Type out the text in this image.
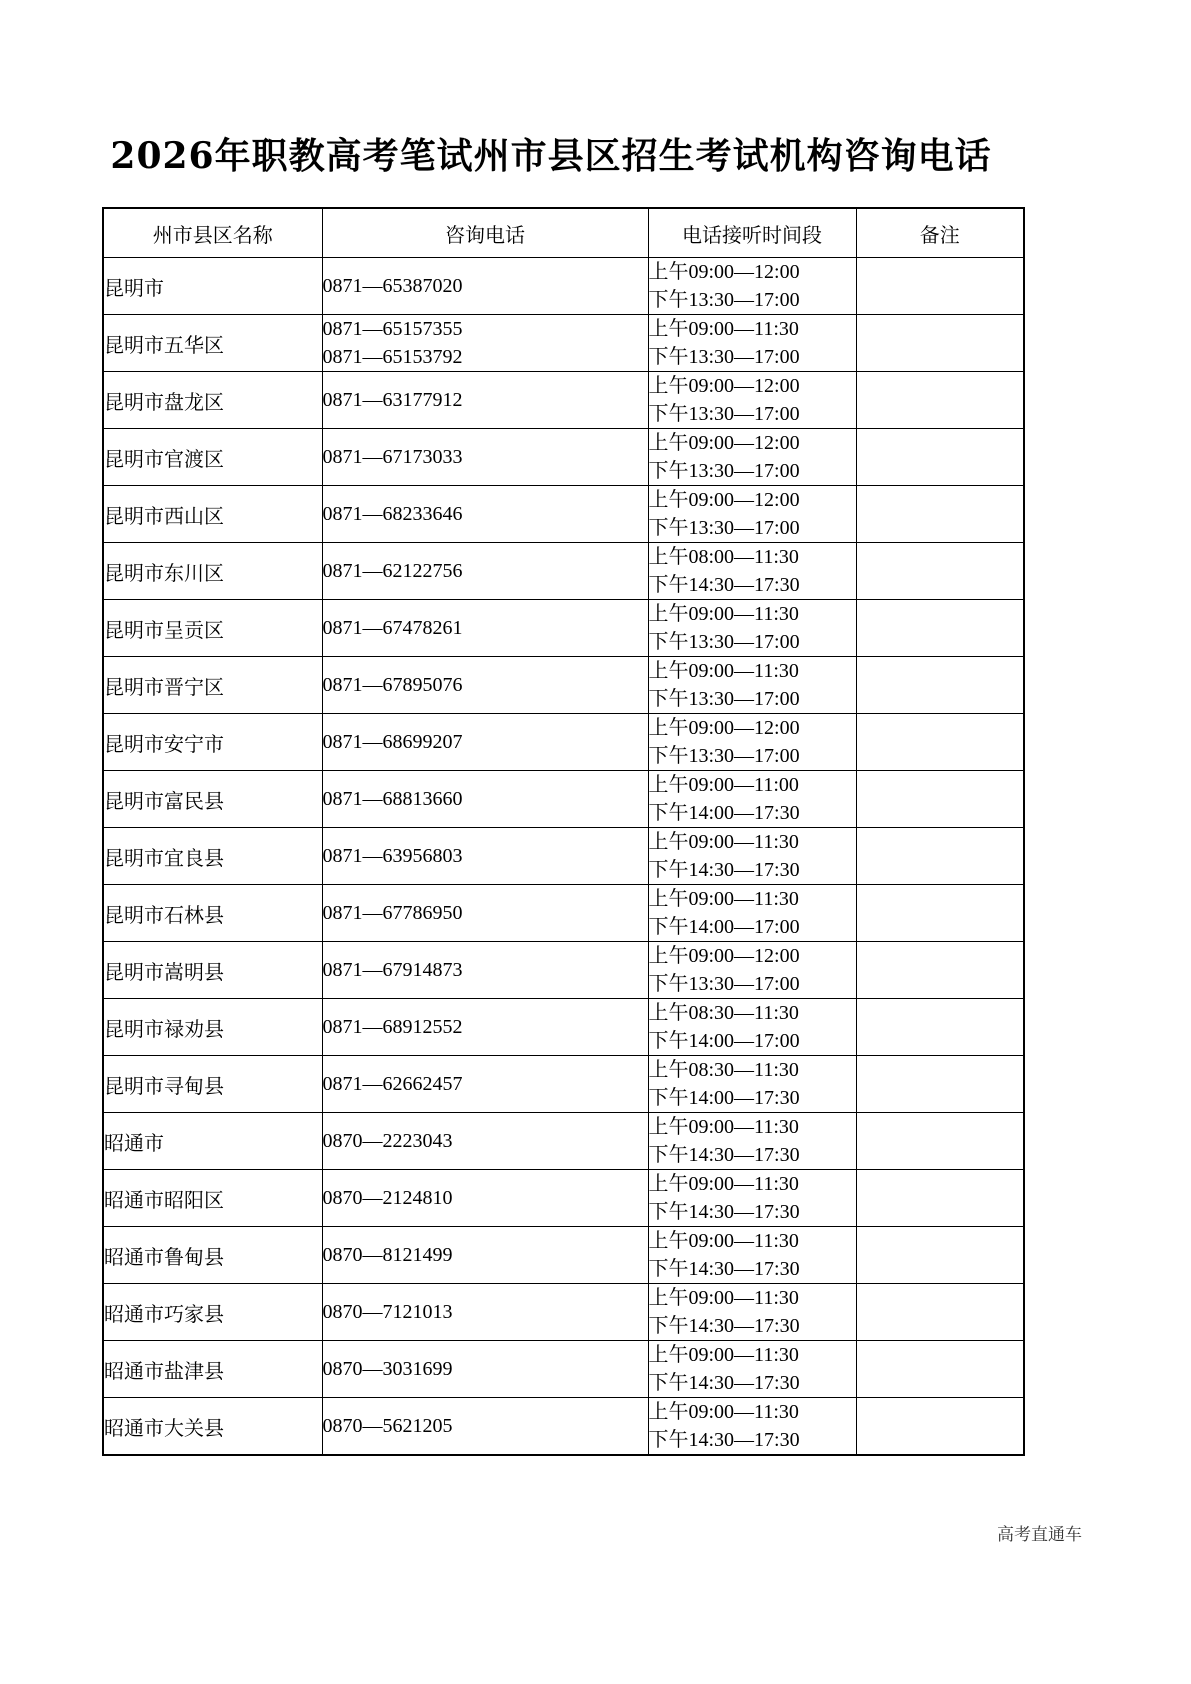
2026年职教高考笔试州市县区招生考试机构咨询电话
州市县区名称	咨询电话	电话接听时间段	备注
昆明市	0871—65387020	上午09:00—12:00
下午13:30—17:00	

昆明市五华区	0871—65157355
0871—65153792	上午09:00—11:30
下午13:30—17:00	

昆明市盘龙区	0871—63177912	上午09:00—12:00
下午13:30—17:00	

昆明市官渡区	0871—67173033	上午09:00—12:00
下午13:30—17:00	

昆明市西山区	0871—68233646	上午09:00—12:00
下午13:30—17:00	

昆明市东川区	0871—62122756	上午08:00—11:30
下午14:30—17:30	

昆明市呈贡区	0871—67478261	上午09:00—11:30
下午13:30—17:00	

昆明市晋宁区	0871—67895076	上午09:00—11:30
下午13:30—17:00	

昆明市安宁市	0871—68699207	上午09:00—12:00
下午13:30—17:00	

昆明市富民县	0871—68813660	上午09:00—11:00
下午14:00—17:30	

昆明市宜良县	0871—63956803	上午09:00—11:30
下午14:30—17:30	

昆明市石林县	0871—67786950	上午09:00—11:30
下午14:00—17:00	

昆明市嵩明县	0871—67914873	上午09:00—12:00
下午13:30—17:00	

昆明市禄劝县	0871—68912552	上午08:30—11:30
下午14:00—17:00	

昆明市寻甸县	0871—62662457	上午08:30—11:30
下午14:00—17:30	

昭通市	0870—2223043	上午09:00—11:30
下午14:30—17:30	

昭通市昭阳区	0870—2124810	上午09:00—11:30
下午14:30—17:30	

昭通市鲁甸县	0870—8121499	上午09:00—11:30
下午14:30—17:30	

昭通市巧家县	0870—7121013	上午09:00—11:30
下午14:30—17:30	

昭通市盐津县	0870—3031699	上午09:00—11:30
下午14:30—17:30	

昭通市大关县	0870—5621205	上午09:00—11:30
下午14:30—17:30	

高考直通车
